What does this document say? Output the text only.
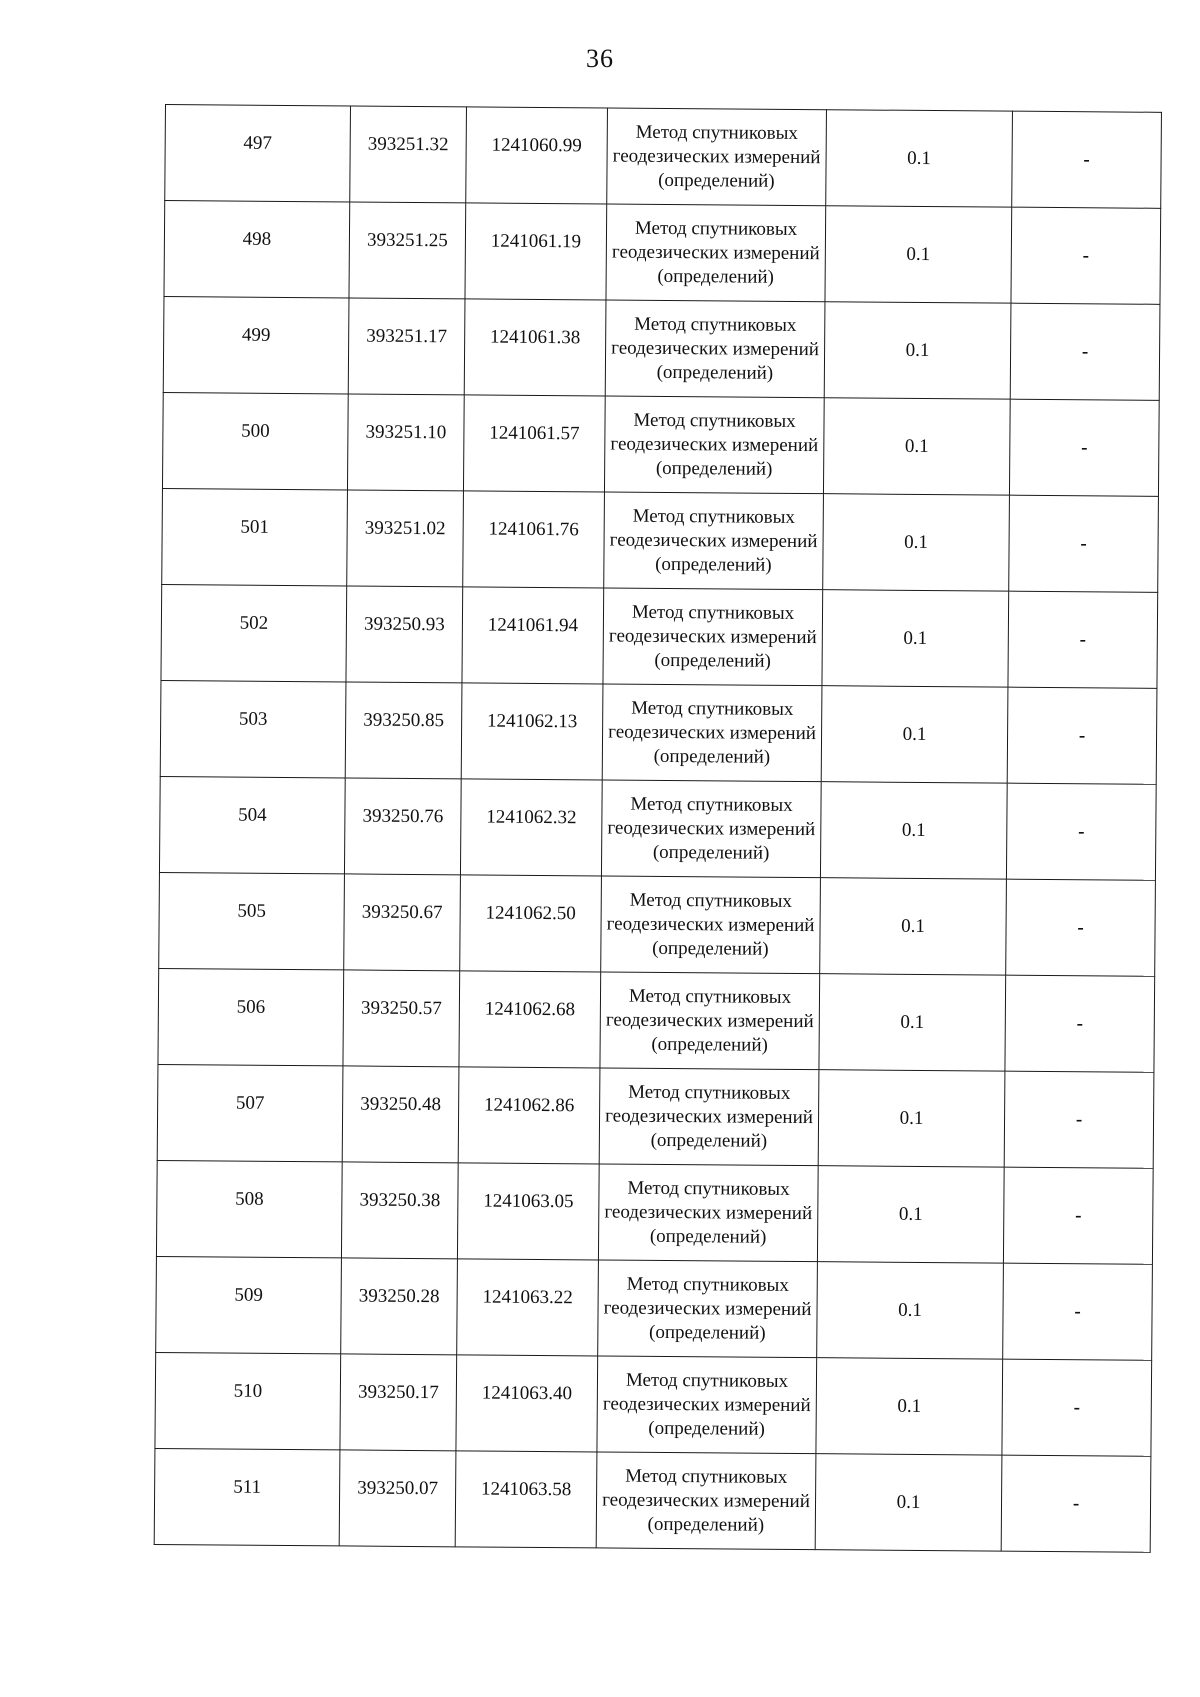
36
497	393251.32	1241060.99	Метод спутниковых геодезических измерений (определений)	0.1	-
498	393251.25	1241061.19	Метод спутниковых геодезических измерений (определений)	0.1	-
499	393251.17	1241061.38	Метод спутниковых геодезических измерений (определений)	0.1	-
500	393251.10	1241061.57	Метод спутниковых геодезических измерений (определений)	0.1	-
501	393251.02	1241061.76	Метод спутниковых геодезических измерений (определений)	0.1	-
502	393250.93	1241061.94	Метод спутниковых геодезических измерений (определений)	0.1	-
503	393250.85	1241062.13	Метод спутниковых геодезических измерений (определений)	0.1	-
504	393250.76	1241062.32	Метод спутниковых геодезических измерений (определений)	0.1	-
505	393250.67	1241062.50	Метод спутниковых геодезических измерений (определений)	0.1	-
506	393250.57	1241062.68	Метод спутниковых геодезических измерений (определений)	0.1	-
507	393250.48	1241062.86	Метод спутниковых геодезических измерений (определений)	0.1	-
508	393250.38	1241063.05	Метод спутниковых геодезических измерений (определений)	0.1	-
509	393250.28	1241063.22	Метод спутниковых геодезических измерений (определений)	0.1	-
510	393250.17	1241063.40	Метод спутниковых геодезических измерений (определений)	0.1	-
511	393250.07	1241063.58	Метод спутниковых геодезических измерений (определений)	0.1	-
